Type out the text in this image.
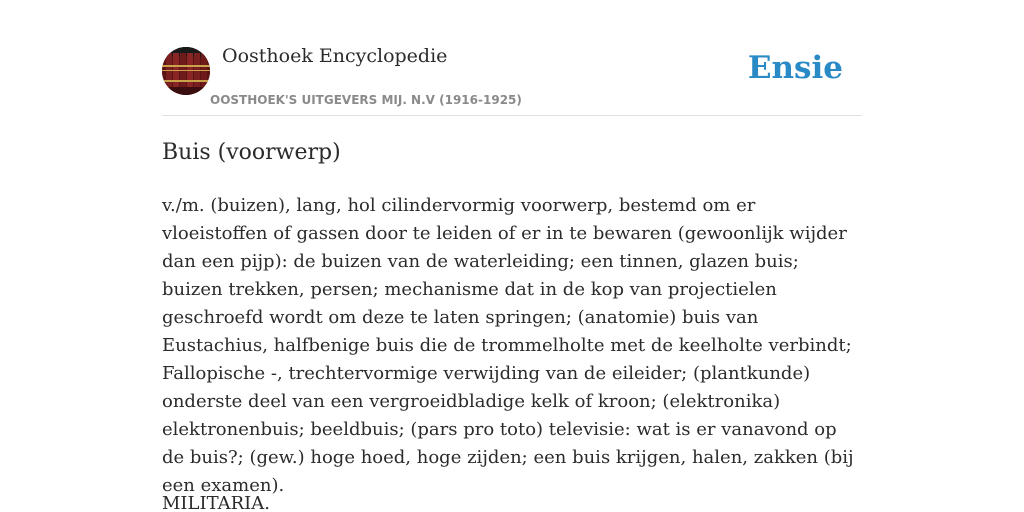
Oosthoek Encyclopedie
OOSTHOEK'S UITGEVERS MIJ. N.V (1916-1925)
Ensie
Buis (voorwerp)

v./m. (buizen), lang, hol cilindervormig voorwerp, bestemd om er vloeistoffen of gassen door te leiden of er in te bewaren (gewoonlijk wijder dan een pijp): de buizen van de waterleiding; een tinnen, glazen buis; buizen trekken, persen; mechanisme dat in de kop van projectielen geschroefd wordt om deze te laten springen; (anatomie) buis van Eustachius, halfbenige buis die de trommelholte met de keelholte verbindt; Fallopische -, trechtervormige verwijding van de eileider; (plantkunde) onderste deel van een vergroeidbladige kelk of kroon; (elektronika) elektronenbuis; beeldbuis; (pars pro toto) televisie: wat is er vanavond op de buis?; (gew.) hoge hoed, hoge zijden; een buis krijgen, halen, zakken (bij een examen).

MILITARIA.
